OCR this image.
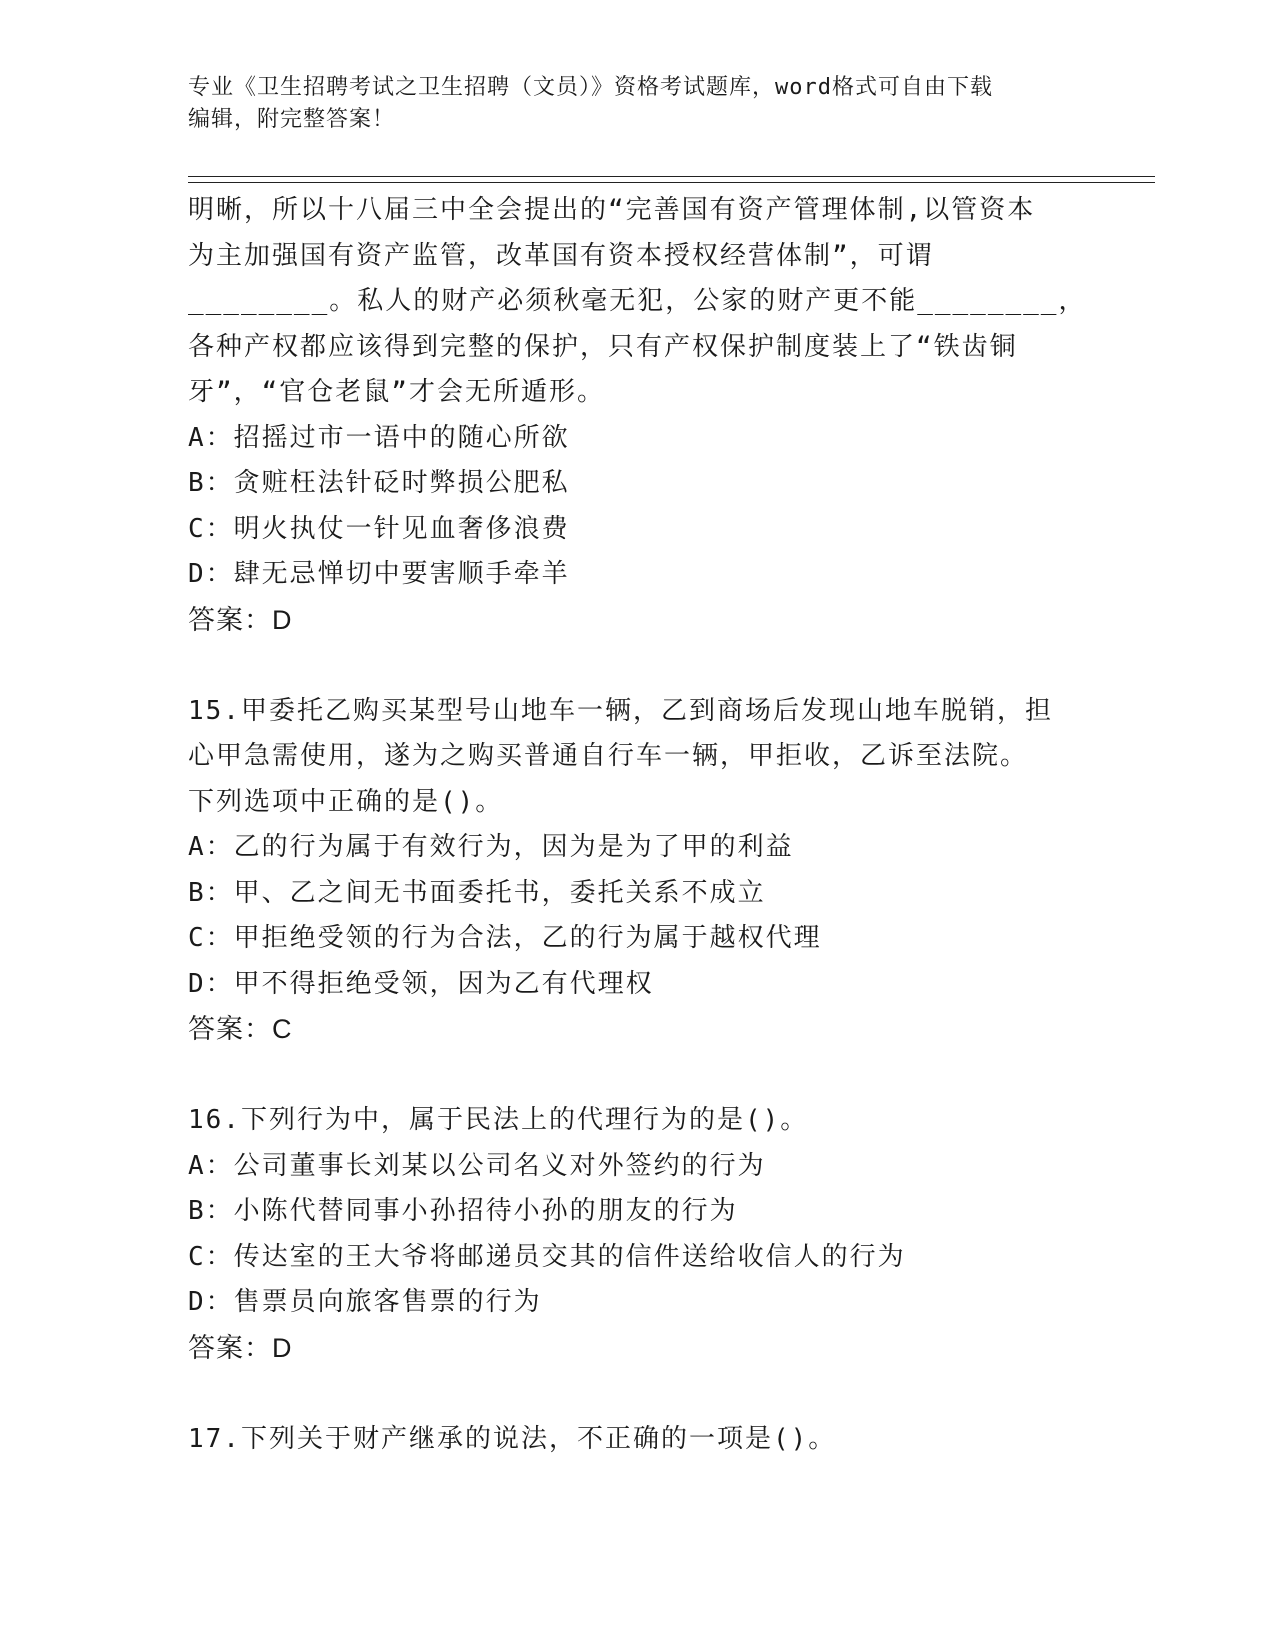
专业《卫生招聘考试之卫生招聘（文员）》资格考试题库，word格式可自由下载
编辑，附完整答案！
明晰，所以十八届三中全会提出的“完善国有资产管理体制,以管资本
为主加强国有资产监管，改革国有资本授权经营体制”，可谓
________。私人的财产必须秋毫无犯，公家的财产更不能________，
各种产权都应该得到完整的保护，只有产权保护制度装上了“铁齿铜
牙”，“官仓老鼠”才会无所遁形。
A：招摇过市一语中的随心所欲
B：贪赃枉法针砭时弊损公肥私
C：明火执仗一针见血奢侈浪费
D：肆无忌惮切中要害顺手牵羊
答案：D
15.甲委托乙购买某型号山地车一辆，乙到商场后发现山地车脱销，担
心甲急需使用，遂为之购买普通自行车一辆，甲拒收，乙诉至法院。
下列选项中正确的是()。
A：乙的行为属于有效行为，因为是为了甲的利益
B：甲、乙之间无书面委托书，委托关系不成立
C：甲拒绝受领的行为合法，乙的行为属于越权代理
D：甲不得拒绝受领，因为乙有代理权
答案：C
16.下列行为中，属于民法上的代理行为的是()。
A：公司董事长刘某以公司名义对外签约的行为
B：小陈代替同事小孙招待小孙的朋友的行为
C：传达室的王大爷将邮递员交其的信件送给收信人的行为
D：售票员向旅客售票的行为
答案：D
17.下列关于财产继承的说法，不正确的一项是()。
